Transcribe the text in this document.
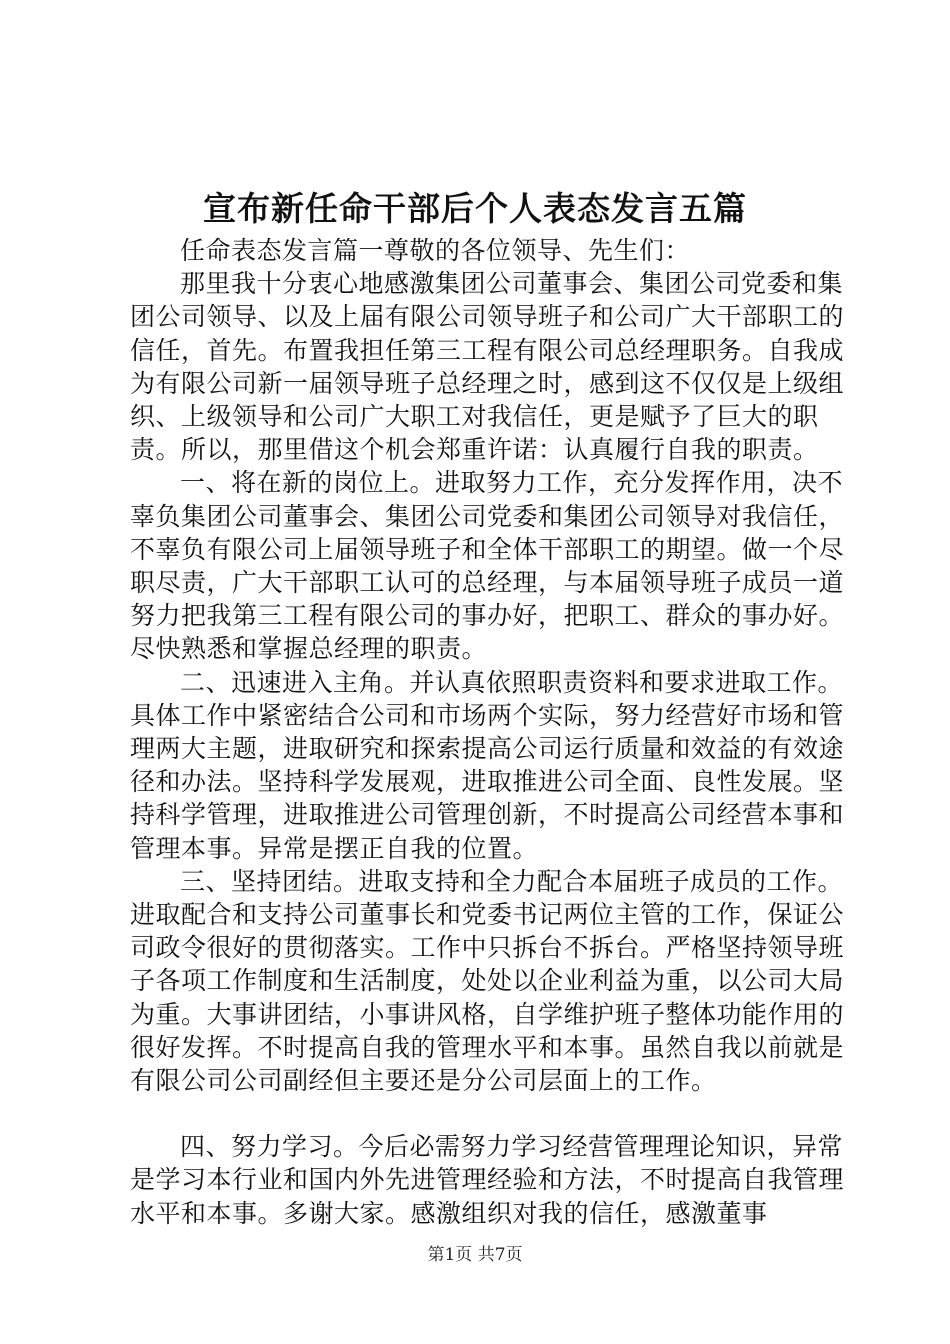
宣布新任命干部后个人表态发言五篇

任命表态发言篇一尊敬的各位领导、先生们：

那里我十分衷心地感激集团公司董事会、集团公司党委和集团公司领导、以及上届有限公司领导班子和公司广大干部职工的信任，首先。布置我担任第三工程有限公司总经理职务。自我成为有限公司新一届领导班子总经理之时，感到这不仅仅是上级组织、上级领导和公司广大职工对我信任，更是赋予了巨大的职责。所以，那里借这个机会郑重许诺：认真履行自我的职责。

一、将在新的岗位上。进取努力工作，充分发挥作用，决不辜负集团公司董事会、集团公司党委和集团公司领导对我信任，不辜负有限公司上届领导班子和全体干部职工的期望。做一个尽职尽责，广大干部职工认可的总经理，与本届领导班子成员一道努力把我第三工程有限公司的事办好，把职工、群众的事办好。尽快熟悉和掌握总经理的职责。

二、迅速进入主角。并认真依照职责资料和要求进取工作。具体工作中紧密结合公司和市场两个实际，努力经营好市场和管理两大主题，进取研究和探索提高公司运行质量和效益的有效途径和办法。坚持科学发展观，进取推进公司全面、良性发展。坚持科学管理，进取推进公司管理创新，不时提高公司经营本事和管理本事。异常是摆正自我的位置。

三、坚持团结。进取支持和全力配合本届班子成员的工作。进取配合和支持公司董事长和党委书记两位主管的工作，保证公司政令很好的贯彻落实。工作中只拆台不拆台。严格坚持领导班子各项工作制度和生活制度，处处以企业利益为重，以公司大局为重。大事讲团结，小事讲风格，自学维护班子整体功能作用的很好发挥。不时提高自我的管理水平和本事。虽然自我以前就是有限公司公司副经但主要还是分公司层面上的工作。

四、努力学习。今后必需努力学习经营管理理论知识，异常是学习本行业和国内外先进管理经验和方法，不时提高自我管理水平和本事。多谢大家。感激组织对我的信任，感激董事

第1页 共7页
